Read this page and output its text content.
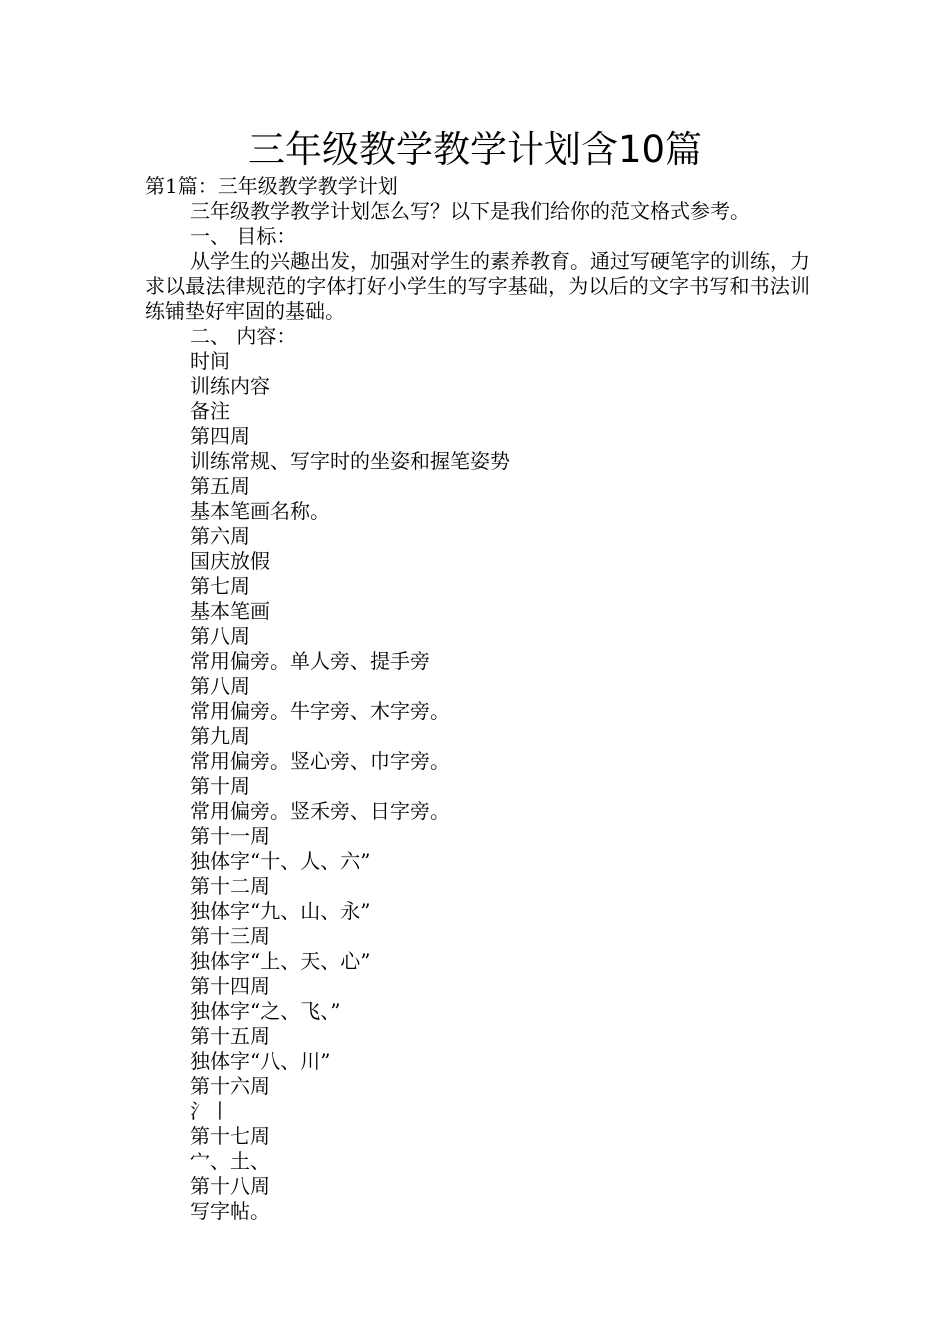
三年级教学教学计划含10篇
第1篇：三年级教学教学计划
三年级教学教学计划怎么写？以下是我们给你的范文格式参考。
一、 目标：
从学生的兴趣出发，加强对学生的素养教育。通过写硬笔字的训练，力求以最法律规范的字体打好小学生的写字基础，为以后的文字书写和书法训练铺垫好牢固的基础。
二、 内容：
时间
训练内容
备注
第四周
训练常规、写字时的坐姿和握笔姿势
第五周
基本笔画名称。
第六周
国庆放假
第七周
基本笔画
第八周
常用偏旁。单人旁、提手旁
第八周
常用偏旁。牛字旁、木字旁。
第九周
常用偏旁。竖心旁、巾字旁。
第十周
常用偏旁。竖禾旁、日字旁。
第十一周
独体字“十、人、六”
第十二周
独体字“九、山、永”
第十三周
独体字“上、天、心”
第十四周
独体字“之、飞、”
第十五周
独体字“八、川”
第十六周
氵丨
第十七周
宀、土、
第十八周
写字帖。
